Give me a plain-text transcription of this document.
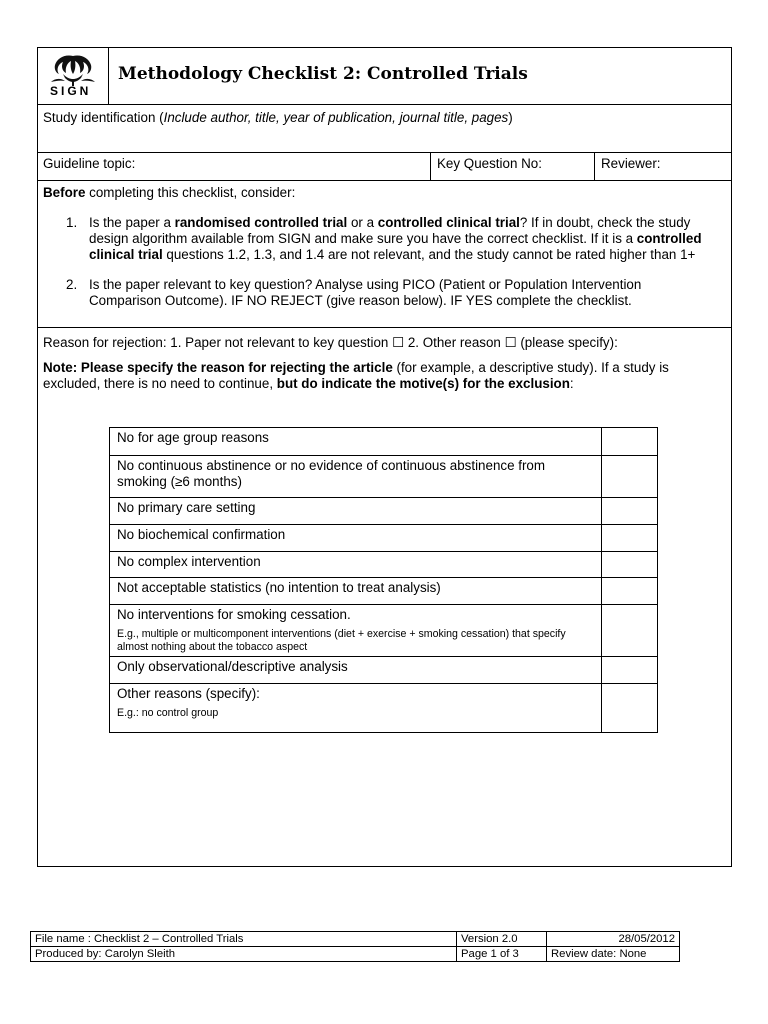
SIGN
Methodology Checklist 2: Controlled Trials
Study identification (Include author, title, year of publication, journal title, pages)
Guideline topic:	Key Question No:	Reviewer:
Before completing this checklist, consider:
1. Is the paper a randomised controlled trial or a controlled clinical trial? If in doubt, check the study design algorithm available from SIGN and make sure you have the correct checklist. If it is a controlled clinical trial questions 1.2, 1.3, and 1.4 are not relevant, and the study cannot be rated higher than 1+
2. Is the paper relevant to key question? Analyse using PICO (Patient or Population Intervention Comparison Outcome). IF NO REJECT (give reason below). IF YES complete the checklist.
Reason for rejection: 1. Paper not relevant to key question ☐ 2. Other reason ☐ (please specify):
Note: Please specify the reason for rejecting the article (for example, a descriptive study). If a study is excluded, there is no need to continue, but do indicate the motive(s) for the exclusion:
No for age group reasons	
No continuous abstinence or no evidence of continuous abstinence from
smoking (≥6 months)	
No primary care setting	
No biochemical confirmation	
No complex intervention	
Not acceptable statistics (no intention to treat analysis)	
No interventions for smoking cessation.
E.g., multiple or multicomponent interventions (diet + exercise + smoking cessation) that specify almost nothing about the tobacco aspect	

Only observational/descriptive analysis	
Other reasons (specify):
E.g.: no control group	

File name : Checklist 2 – Controlled Trials	Version 2.0	28/05/2012
Produced by: Carolyn Sleith	Page 1 of 3	Review date: None
